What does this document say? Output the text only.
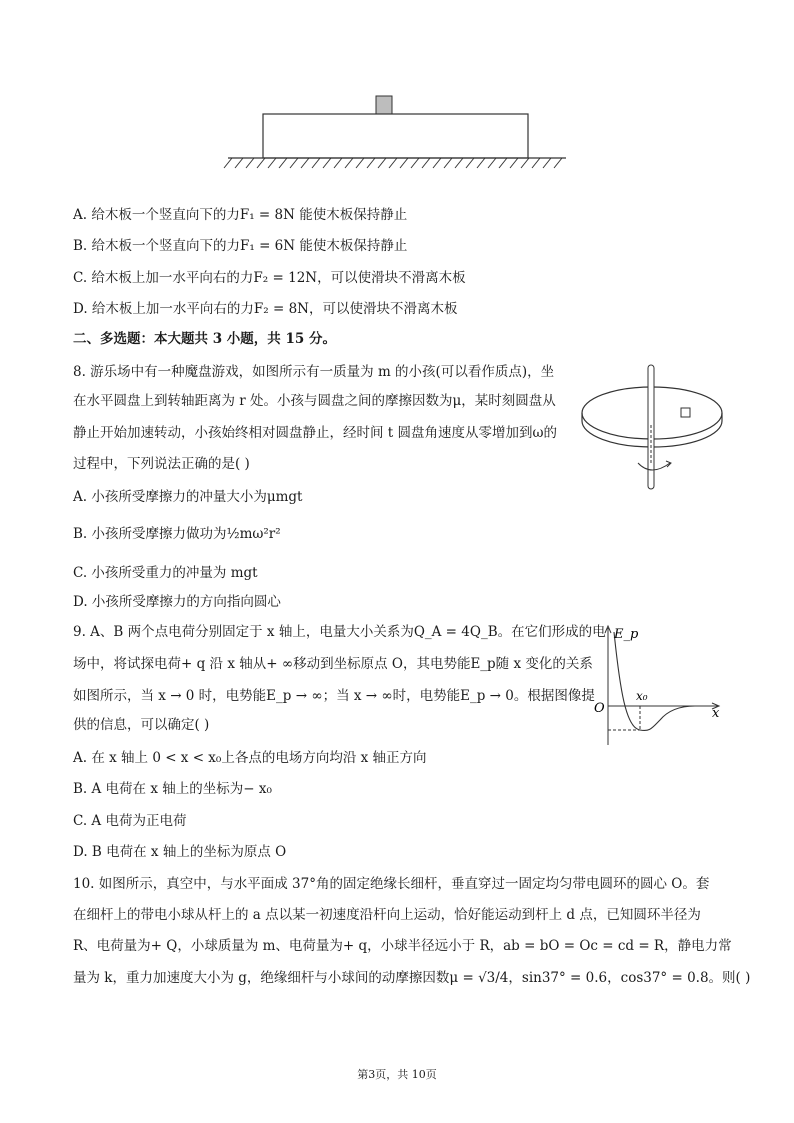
A. 给木板一个竖直向下的力F₁ = 8N 能使木板保持静止
B. 给木板一个竖直向下的力F₁ = 6N 能使木板保持静止
C. 给木板上加一水平向右的力F₂ = 12N，可以使滑块不滑离木板
D. 给木板上加一水平向右的力F₂ = 8N，可以使滑块不滑离木板
二、多选题：本大题共 3 小题，共 15 分。
8. 游乐场中有一种魔盘游戏，如图所示有一质量为 m 的小孩(可以看作质点)，坐
在水平圆盘上到转轴距离为 r 处。小孩与圆盘之间的摩擦因数为μ，某时刻圆盘从
静止开始加速转动，小孩始终相对圆盘静止，经时间 t 圆盘角速度从零增加到ω的
过程中，下列说法正确的是( )
A. 小孩所受摩擦力的冲量大小为μmgt
B. 小孩所受摩擦力做功为½mω²r²
C. 小孩所受重力的冲量为 mgt
D. 小孩所受摩擦力的方向指向圆心
9. A、B 两个点电荷分别固定于 x 轴上，电量大小关系为Q_A = 4Q_B。在它们形成的电
场中，将试探电荷+ q 沿 x 轴从+ ∞移动到坐标原点 O，其电势能E_p随 x 变化的关系
如图所示，当 x → 0 时，电势能E_p → ∞；当 x → ∞时，电势能E_p → 0。根据图像提
供的信息，可以确定( )
A. 在 x 轴上 0 < x < x₀上各点的电场方向均沿 x 轴正方向
B. A 电荷在 x 轴上的坐标为− x₀
C. A 电荷为正电荷
D. B 电荷在 x 轴上的坐标为原点 O
E_p
O
x₀
x
10. 如图所示，真空中，与水平面成 37°角的固定绝缘长细杆，垂直穿过一固定均匀带电圆环的圆心 O。套
在细杆上的带电小球从杆上的 a 点以某一初速度沿杆向上运动，恰好能运动到杆上 d 点，已知圆环半径为
R、电荷量为+ Q，小球质量为 m、电荷量为+ q，小球半径远小于 R，ab = bO = Oc = cd = R，静电力常
量为 k，重力加速度大小为 g，绝缘细杆与小球间的动摩擦因数μ = √3/4，sin37° = 0.6，cos37° = 0.8。则( )
第3页，共 10页
